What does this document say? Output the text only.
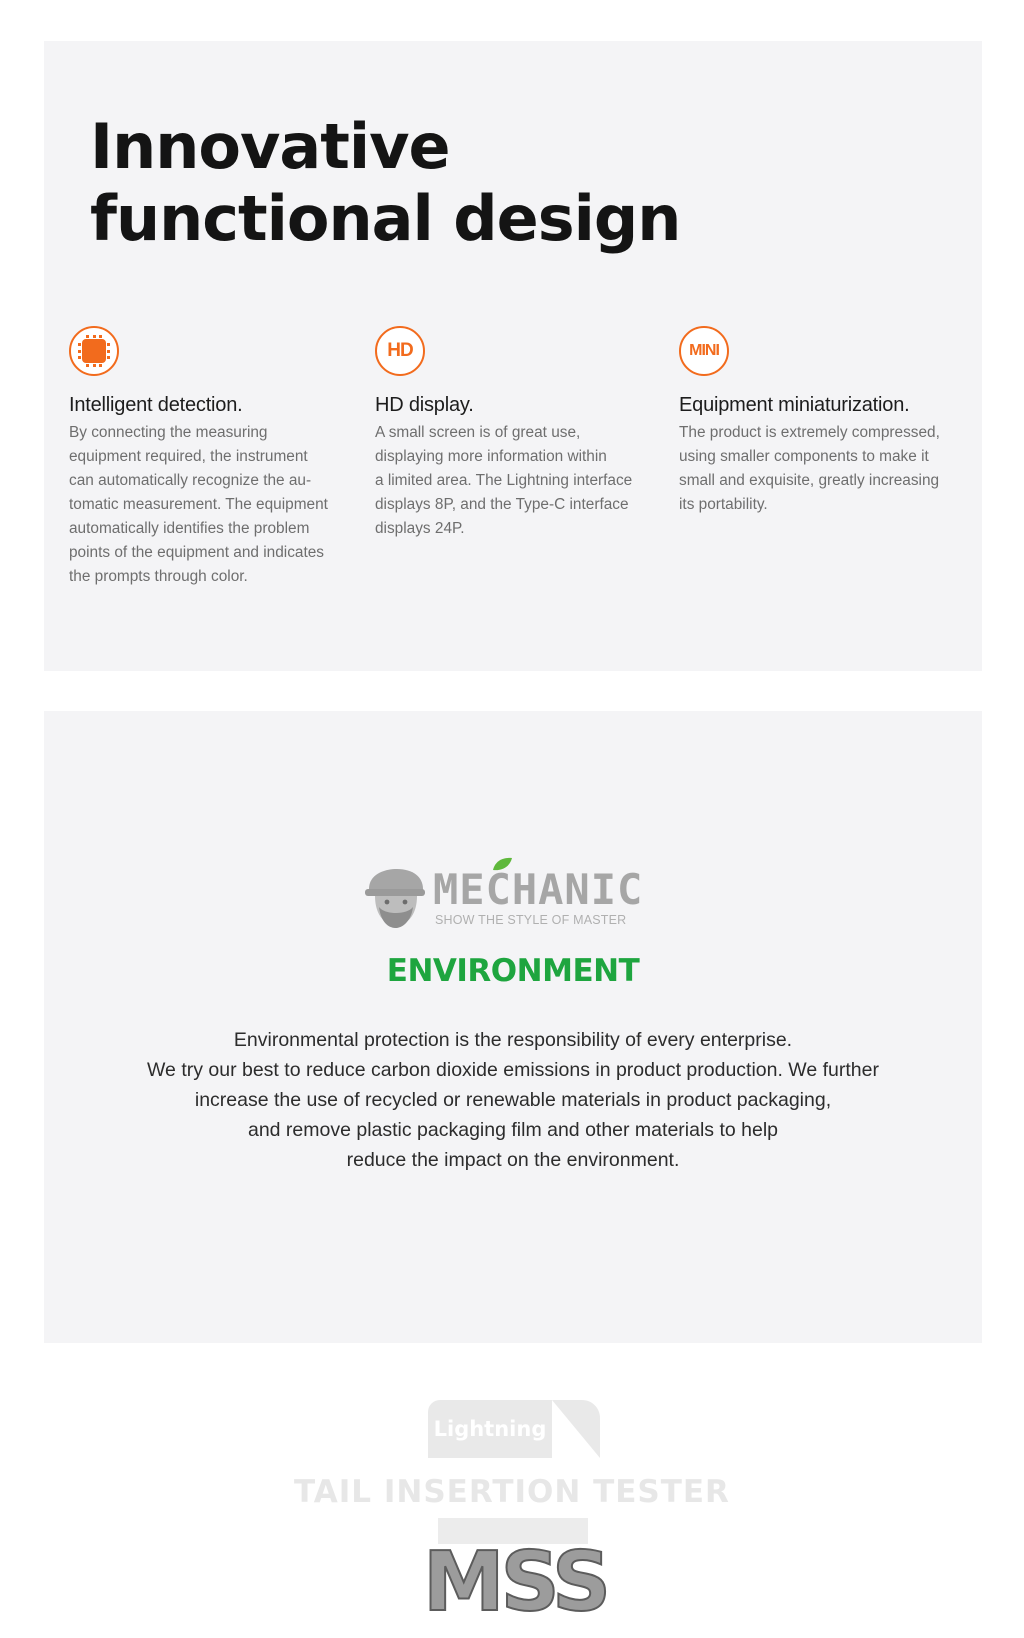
Innovative
functional design
Intelligent detection.

By connecting the measuring
equipment required, the instrument
can automatically recognize the au-
tomatic measurement. The equipment
automatically identifies the problem
points of the equipment and indicates
the prompts through color.

HD
HD display.

A small screen is of great use,
displaying more information within
a limited area. The Lightning interface
displays 8P, and the Type-C interface
displays 24P.

MINI
Equipment miniaturization.

The product is extremely compressed,
using smaller components to make it
small and exquisite, greatly increasing
its portability.

MECHANIC
SHOW THE STYLE OF MASTER
ENVIRONMENT
Environmental protection is the responsibility of every enterprise.
We try our best to reduce carbon dioxide emissions in product production. We further
increase the use of recycled or renewable materials in product packaging,
and remove plastic packaging film and other materials to help
reduce the impact on the environment.
Lightning
TAIL INSERTION TESTER
MSS
